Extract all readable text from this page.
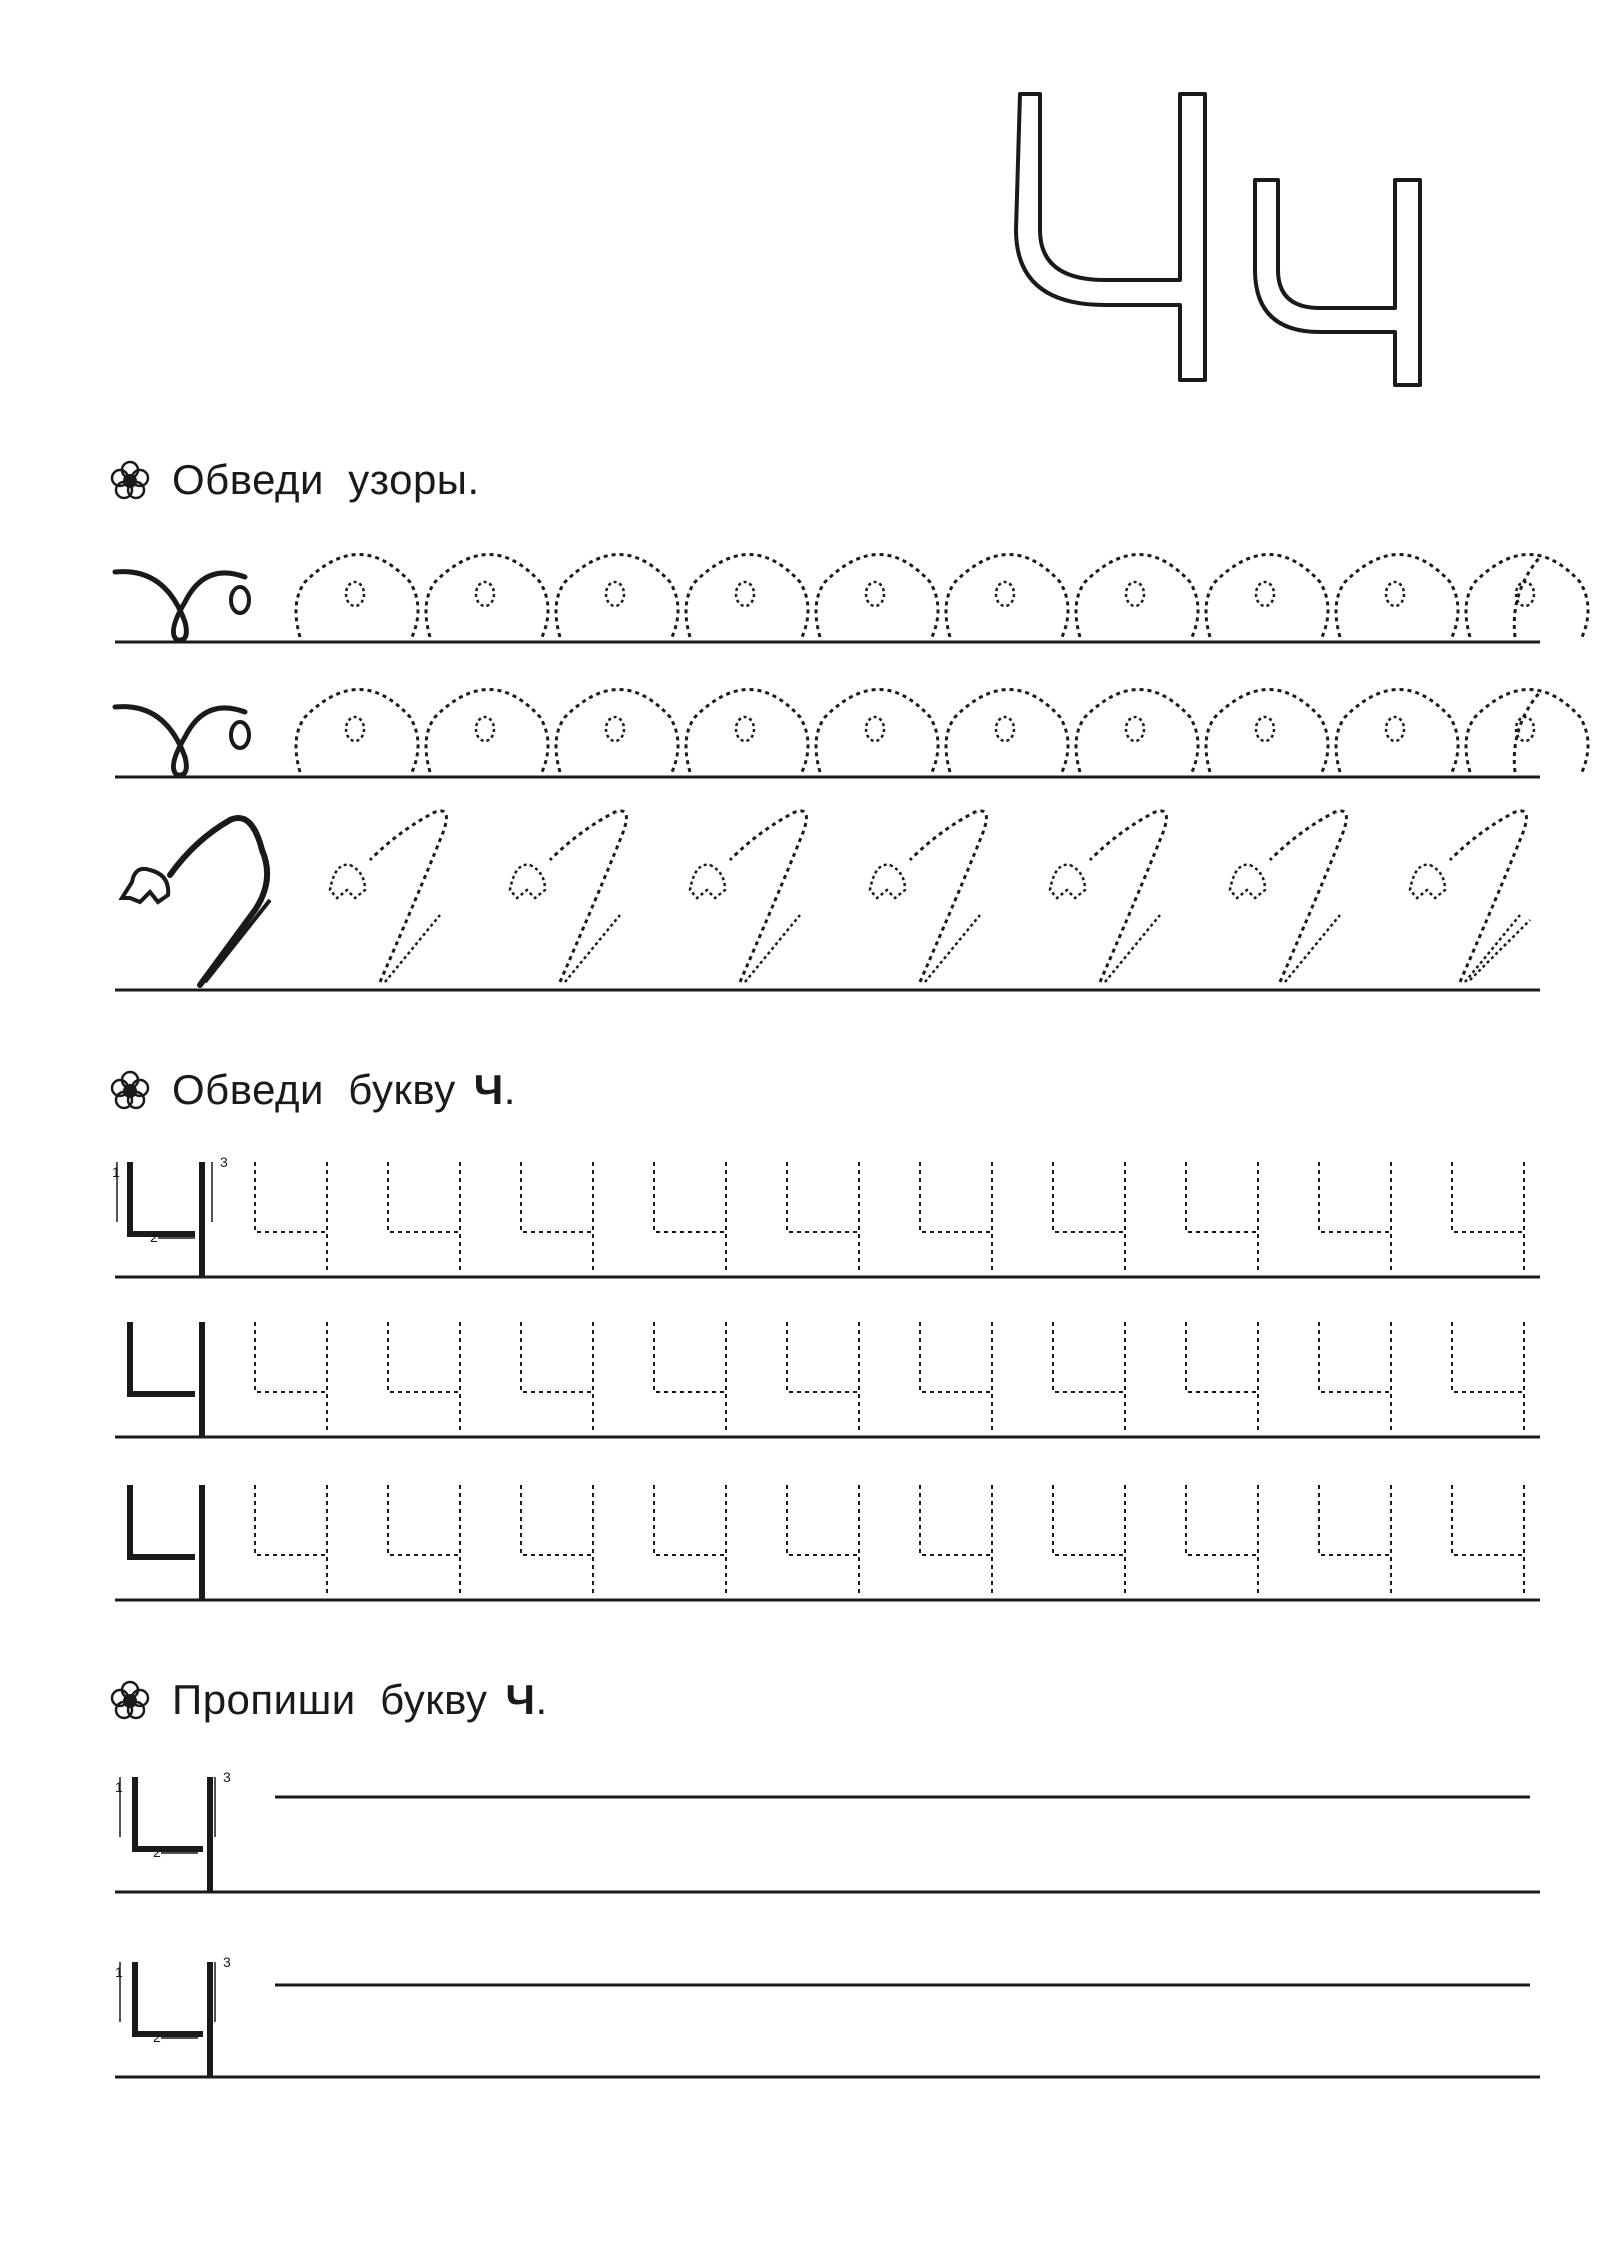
Обведи  узоры.
Обведи  букву Ч .
1
2
3
Пропиши  букву Ч .
1
2
3
1
2
3
